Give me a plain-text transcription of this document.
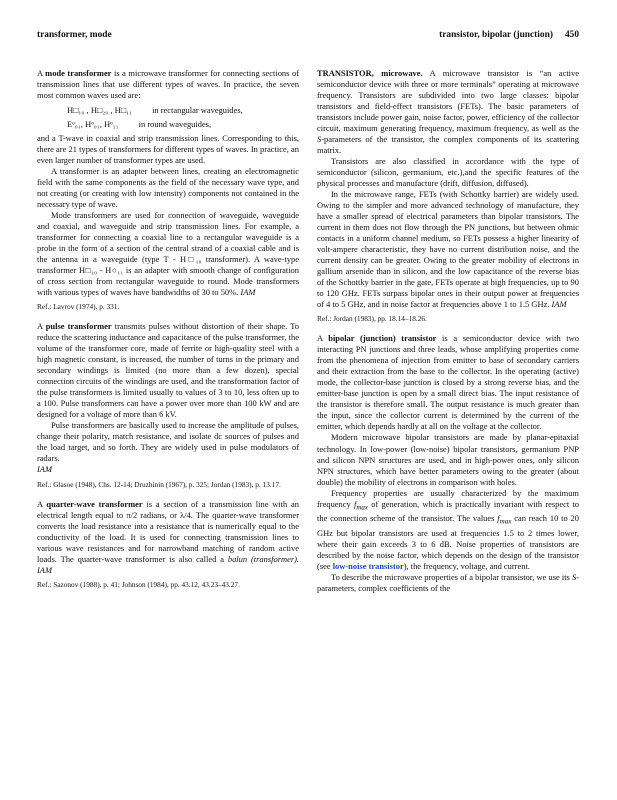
transformer, mode	transistor, bipolar (junction) 450

A mode transformer is a microwave transformer for connecting sections of transmission lines that use different types of waves. In practice, the seven most common waves used are:

H□₁₀ , H□₂₀ , H□₁₁ in rectangular waveguides,
Eᵒ₀₁, Hᵒ₀₁, Hᵒ₁₁ in round waveguides,

and a T-wave in coaxial and strip transmission lines. Corresponding to this, there are 21 types of transformers for different types of waves. In practice, an even larger number of transformer types are used.

A transformer is an adapter between lines, creating an electromagnetic field with the same components as the field of the necessary wave type, and not creating (or creating with low intensity) components not contained in the necessary type of wave.

Mode transformers are used for connection of waveguide, waveguide and coaxial, and waveguide and strip transmission lines. For example, a transformer for connecting a coaxial line to a rectangular waveguide is a probe in the form of a section of the central strand of a coaxial cable and is the antenna in a waveguide (type T - H□₁₀ transformer). A wave-type transformer H□₁₀ - H○₁₁ is an adapter with smooth change of configuration of cross section from rectangular waveguide to round. Mode transformers with various types of waves have bandwidths of 30 to 50%. IAM

Ref.: Lavrov (1974), p. 331.

A pulse transformer transmits pulses without distortion of their shape. To reduce the scattering inductance and capacitance of the pulse transformer, the volume of the transformer core, made of ferrite or high-quality steel with a high magnetic constant, is increased, the number of turns in the primary and secondary windings is limited (no more than a few dozen), special connection circuits of the windings are used, and the transformation factor of the pulse transformers is limited usually to values of 3 to 10, less often up to a 100. Pulse transformers can have a power over more than 100 kW and are designed for a voltage of more than 6 kV.

Pulse transformers are basically used to increase the amplitude of pulses, change their polarity, match resistance, and isolate dc sources of pulses and the load target, and so forth. They are widely used in pulse modulators of radars.

IAM

Ref.: Glasoe (1948), Chs. 12-14; Druzhinin (1967), p. 325; Jordan (1983), p. 13.17.

A quarter-wave transformer is a section of a transmission line with an electrical length equal to π/2 radians, or λ/4. The quarter-wave transformer converts the load resistance into a resistance that is numerically equal to the conductivity of the load. It is used for connecting transmission lines to various wave resistances and for narrowband matching of random active loads. The quarter-wave transformer is also called a balun (transformer). IAM

Ref.: Sazonov (1988), p. 41; Johnson (1984), pp. 43.12, 43.23–43.27.

TRANSISTOR, microwave. A microwave transistor is “an active semiconductor device with three or more terminals” operating at microwave frequency. Transistors are subdivided into two large classes: bipolar transistors and field-effect transistors (FETs). The basic parameters of transistors include power gain, noise factor, power, efficiency of the collector circuit, maximum generating frequency, maximum frequency, as well as the S-parameters of the transistor, the complex components of its scattering matrix.

Transistors are also classified in accordance with the type of semiconductor (silicon, germanium, etc.),and the specific features of the physical processes and manufacture (drift, diffusion, diffused).

In the microwave range, FETs (with Schottky barrier) are widely used. Owing to the simpler and more advanced technology of manufacture, they have a smaller spread of electrical parameters than bipolar transistors. The current in them does not flow through the PN junctions, but between ohmic contacts in a uniform channel medium, so FETs possess a higher linearity of volt-ampere characteristic, they have no current distribution noise, and the current density can be greater. Owing to the greater mobility of electrons in gallium arsenide than in silicon, and the low capacitance of the reverse bias of the Schottky barrier in the gate, FETs operate at high frequencies, up to 90 to 120 GHz. FETs surpass bipolar ones in their output power at frequencies of 4 to 5 GHz, and in noise factor at frequencies above 1 to 1.5 GHz. IAM

Ref.: Jordan (1983), pp. 18.14–18.26.

A bipolar (junction) transistor is a semiconductor device with two interacting PN junctions and three leads, whose amplifying properties come from the phenomena of injection from emitter to base of secondary carriers and their extraction from the base to the collector. In the operating (active) mode, the collector-base junction is closed by a strong reverse bias, and the emitter-base junction is open by a small direct bias. The input resistance of the transistor is therefore small. The output resistance is much greater than the input, since the collector current is determined by the current of the emitter, which depends hardly at all on the voltage at the collector.

Modern microwave bipolar transistors are made by planar-epitaxial technology. In low-power (low-noise) bipolar transistors, germanium PNP and silicon NPN structures are used, and in high-power ones, only silicon NPN structures, which have better parameters owing to the greater (about double) the mobility of electrons in comparison with holes.

Frequency properties are usually characterized by the maximum frequency $f_{max}$ of generation, which is practically invariant with respect to the connection scheme of the transistor. The values $f_{max}$ can reach 10 to 20 GHz but bipolar transistors are used at frequencies 1.5 to 2 times lower, where their gain exceeds 3 to 6 dB. Noise properties of transistors are described by the noise factor, which depends on the design of the transistor (see low-noise transistor), the frequency, voltage, and current.

To describe the microwave properties of a bipolar transistor, we use its S-parameters, complex coefficients of the
